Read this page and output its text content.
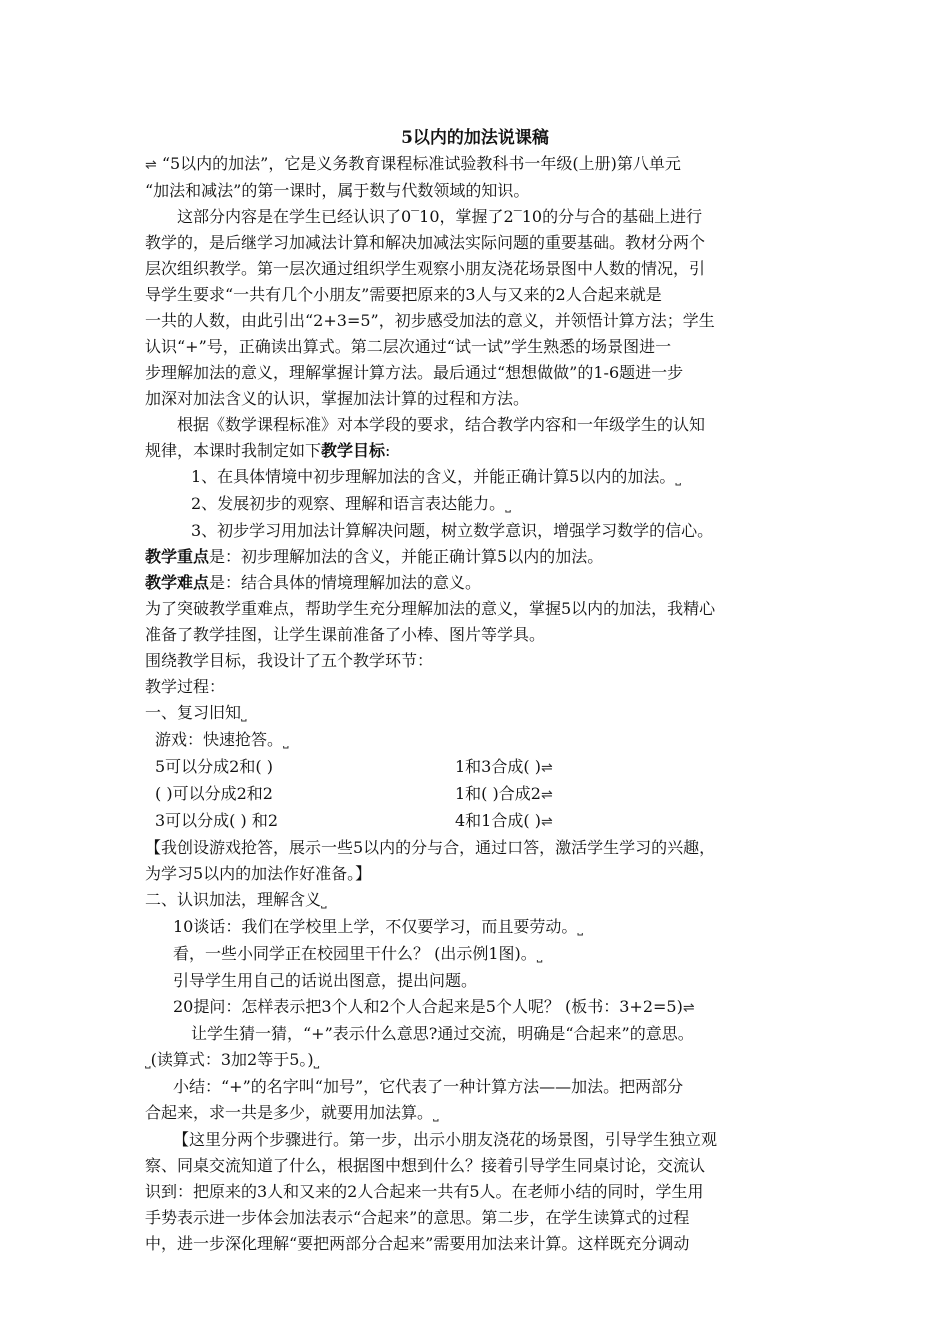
5以内的加法说课稿

⇌ “5以内的加法”，它是义务教育课程标准试验教科书一年级(上册)第八单元

“加法和减法”的第一课时，属于数与代数领域的知识。

这部分内容是在学生已经认识了0‾10，掌握了2‾10的分与合的基础上进行

教学的，是后继学习加减法计算和解决加减法实际问题的重要基础。教材分两个

层次组织教学。第一层次通过组织学生观察小朋友浇花场景图中人数的情况，引

导学生要求“一共有几个小朋友”需要把原来的3人与又来的2人合起来就是

一共的人数，由此引出“2+3=5”，初步感受加法的意义，并领悟计算方法；学生

认识“+”号，正确读出算式。第二层次通过“试一试”学生熟悉的场景图进一

步理解加法的意义，理解掌握计算方法。最后通过“想想做做”的1-6题进一步

加深对加法含义的认识，掌握加法计算的过程和方法。

根据《数学课程标准》对本学段的要求，结合教学内容和一年级学生的认知

规律，本课时我制定如下教学目标:

1、在具体情境中初步理解加法的含义，并能正确计算5以内的加法。⎵

2、发展初步的观察、理解和语言表达能力。⎵

3、初步学习用加法计算解决问题，树立数学意识，增强学习数学的信心。

教学重点是：初步理解加法的含义，并能正确计算5以内的加法。

教学难点是：结合具体的情境理解加法的意义。

为了突破教学重难点，帮助学生充分理解加法的意义，掌握5以内的加法，我精心

准备了教学挂图，让学生课前准备了小棒、图片等学具。

围绕教学目标，我设计了五个教学环节：

教学过程：

一、复习旧知⎵

游戏：快速抢答。⎵

5可以分成2和( )	1和3合成( )⇌
( )可以分成2和2	1和( )合成2⇌
3可以分成( ) 和2	4和1合成( )⇌

【我创设游戏抢答，展示一些5以内的分与合，通过口答，激活学生学习的兴趣，

为学习5以内的加法作好准备。】

二、认识加法，理解含义⎵

10谈话：我们在学校里上学，不仅要学习，而且要劳动。⎵

看，一些小同学正在校园里干什么？ (出示例1图)。⎵

引导学生用自己的话说出图意，提出问题。

20提问：怎样表示把3个人和2个人合起来是5个人呢？ (板书：3+2=5)⇌

让学生猜一猜，“+”表示什么意思?通过交流，明确是“合起来”的意思。

⎵(读算式：3加2等于5。)⎵

小结：“+”的名字叫“加号”，它代表了一种计算方法——加法。把两部分

合起来，求一共是多少，就要用加法算。⎵

【这里分两个步骤进行。第一步，出示小朋友浇花的场景图，引导学生独立观

察、同桌交流知道了什么，根据图中想到什么？接着引导学生同桌讨论，交流认

识到：把原来的3人和又来的2人合起来一共有5人。在老师小结的同时，学生用

手势表示进一步体会加法表示“合起来”的意思。第二步，在学生读算式的过程

中，进一步深化理解“要把两部分合起来”需要用加法来计算。这样既充分调动
